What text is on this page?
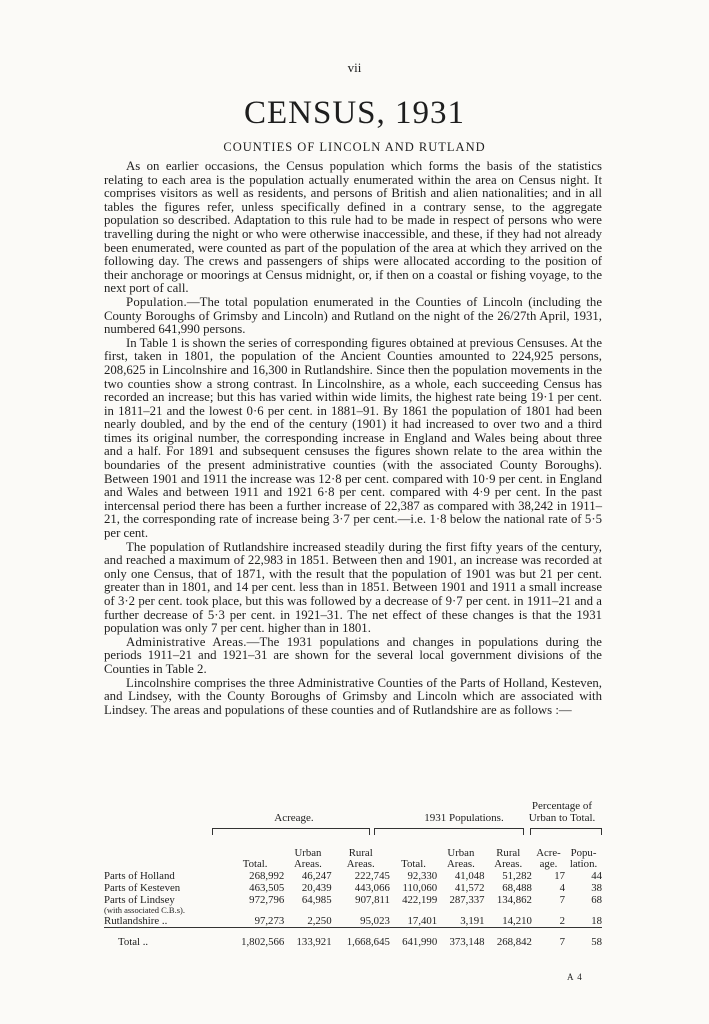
vii
CENSUS, 1931
COUNTIES OF LINCOLN AND RUTLAND

As on earlier occasions, the Census population which forms the basis of the statistics relating to each area is the population actually enumerated within the area on Census night. It comprises visitors as well as residents, and persons of British and alien nationalities; and in all tables the figures refer, unless specifically defined in a contrary sense, to the aggregate population so described. Adaptation to this rule had to be made in respect of persons who were travelling during the night or who were otherwise inaccessible, and these, if they had not already been enumerated, were counted as part of the population of the area at which they arrived on the following day. The crews and passengers of ships were allocated according to the position of their anchorage or moorings at Census midnight, or, if then on a coastal or fishing voyage, to the next port of call.

Population.—The total population enumerated in the Counties of Lincoln (including the County Boroughs of Grimsby and Lincoln) and Rutland on the night of the 26/27th April, 1931, numbered 641,990 persons.

In Table 1 is shown the series of corresponding figures obtained at previous Censuses. At the first, taken in 1801, the population of the Ancient Counties amounted to 224,925 persons, 208,625 in Lincolnshire and 16,300 in Rutlandshire. Since then the population movements in the two counties show a strong contrast. In Lincolnshire, as a whole, each succeeding Census has recorded an increase; but this has varied within wide limits, the highest rate being 19·1 per cent. in 1811–21 and the lowest 0·6 per cent. in 1881–91. By 1861 the population of 1801 had been nearly doubled, and by the end of the century (1901) it had increased to over two and a third times its original number, the corresponding increase in England and Wales being about three and a half. For 1891 and subsequent censuses the figures shown relate to the area within the boundaries of the present administrative counties (with the associated County Boroughs). Between 1901 and 1911 the increase was 12·8 per cent. compared with 10·9 per cent. in England and Wales and between 1911 and 1921 6·8 per cent. compared with 4·9 per cent. In the past intercensal period there has been a further increase of 22,387 as compared with 38,242 in 1911–21, the corresponding rate of increase being 3·7 per cent.—i.e. 1·8 below the national rate of 5·5 per cent.

The population of Rutlandshire increased steadily during the first fifty years of the century, and reached a maximum of 22,983 in 1851. Between then and 1901, an increase was recorded at only one Census, that of 1871, with the result that the population of 1901 was but 21 per cent. greater than in 1801, and 14 per cent. less than in 1851. Between 1901 and 1911 a small increase of 3·2 per cent. took place, but this was followed by a decrease of 9·7 per cent. in 1911–21 and a further decrease of 5·3 per cent. in 1921–31. The net effect of these changes is that the 1931 population was only 7 per cent. higher than in 1801.

Administrative Areas.—The 1931 populations and changes in populations during the periods 1911–21 and 1921–31 are shown for the several local government divisions of the Counties in Table 2.

Lincolnshire comprises the three Administrative Counties of the Parts of Holland, Kesteven, and Lindsey, with the County Boroughs of Grimsby and Lincoln which are associated with Lindsey. The areas and populations of these counties and of Rutlandshire are as follows :—

Acreage.	1931 Populations.
Percentage of
Urban to Total.
		Urban	Rural		Urban	Rural	Acre-	Popu-
	Total.	Areas.	Areas.	Total.	Areas.	Areas.	age.	lation.
Parts of Holland	268,992	46,247	222,745	92,330	41,048	51,282	17	44
Parts of Kesteven	463,505	20,439	443,066	110,060	41,572	68,488	4	38
Parts of Lindsey	972,796	64,985	907,811	422,199	287,337	134,862	7	68
(with associated C.B.s).								
Rutlandshire ..	97,273	2,250	95,023	17,401	3,191	14,210	2	18
Total ..	1,802,566	133,921	1,668,645	641,990	373,148	268,842	7	58
A 4
